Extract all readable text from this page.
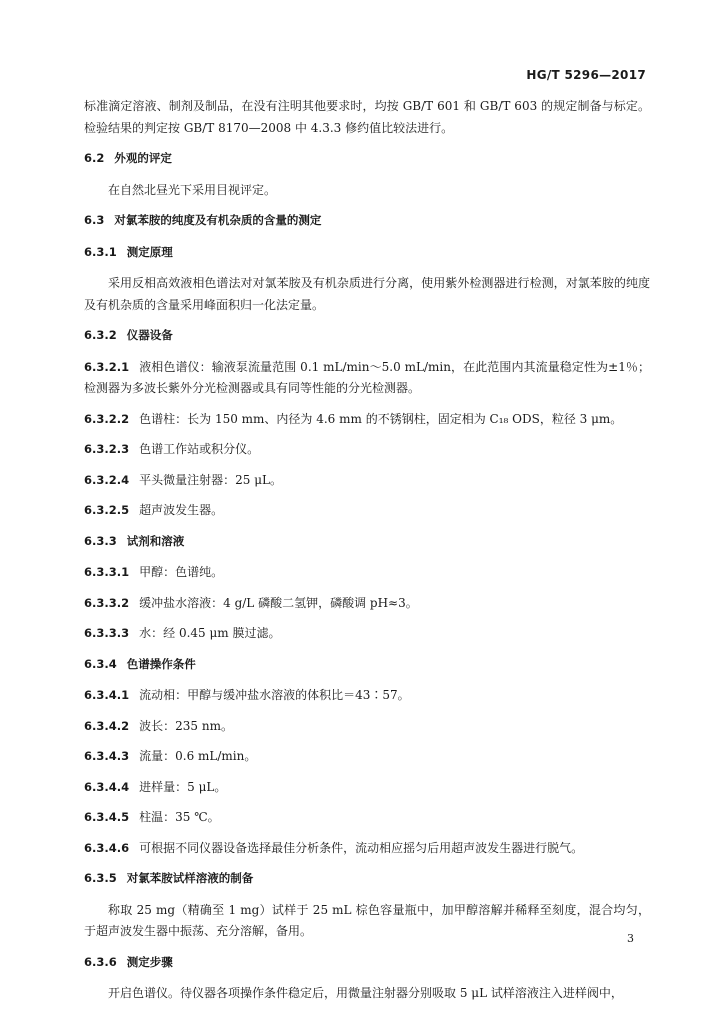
HG/T 5296—2017

标准滴定溶液、制剂及制品，在没有注明其他要求时，均按 GB/T 601 和 GB/T 603 的规定制备与标定。检验结果的判定按 GB/T 8170—2008 中 4.3.3 修约值比较法进行。

6.2 外观的评定

在自然北昼光下采用目视评定。

6.3 对氯苯胺的纯度及有机杂质的含量的测定
6.3.1 测定原理

采用反相高效液相色谱法对对氯苯胺及有机杂质进行分离，使用紫外检测器进行检测，对氯苯胺的纯度及有机杂质的含量采用峰面积归一化法定量。

6.3.2 仪器设备
6.3.2.1 液相色谱仪：输液泵流量范围 0.1 mL/min～5.0 mL/min，在此范围内其流量稳定性为±1％；检测器为多波长紫外分光检测器或具有同等性能的分光检测器。
6.3.2.2 色谱柱：长为 150 mm、内径为 4.6 mm 的不锈钢柱，固定相为 C₁₈ ODS，粒径 3 μm。
6.3.2.3 色谱工作站或积分仪。
6.3.2.4 平头微量注射器：25 μL。
6.3.2.5 超声波发生器。
6.3.3 试剂和溶液
6.3.3.1 甲醇：色谱纯。
6.3.3.2 缓冲盐水溶液：4 g/L 磷酸二氢钾，磷酸调 pH≈3。
6.3.3.3 水：经 0.45 μm 膜过滤。
6.3.4 色谱操作条件
6.3.4.1 流动相：甲醇与缓冲盐水溶液的体积比＝43∶57。
6.3.4.2 波长：235 nm。
6.3.4.3 流量：0.6 mL/min。
6.3.4.4 进样量：5 μL。
6.3.4.5 柱温：35 ℃。
6.3.4.6 可根据不同仪器设备选择最佳分析条件，流动相应摇匀后用超声波发生器进行脱气。
6.3.5 对氯苯胺试样溶液的制备

称取 25 mg（精确至 1 mg）试样于 25 mL 棕色容量瓶中，加甲醇溶解并稀释至刻度，混合均匀，于超声波发生器中振荡、充分溶解，备用。

6.3.6 测定步骤

开启色谱仪。待仪器各项操作条件稳定后，用微量注射器分别吸取 5 μL 试样溶液注入进样阀中，

3
